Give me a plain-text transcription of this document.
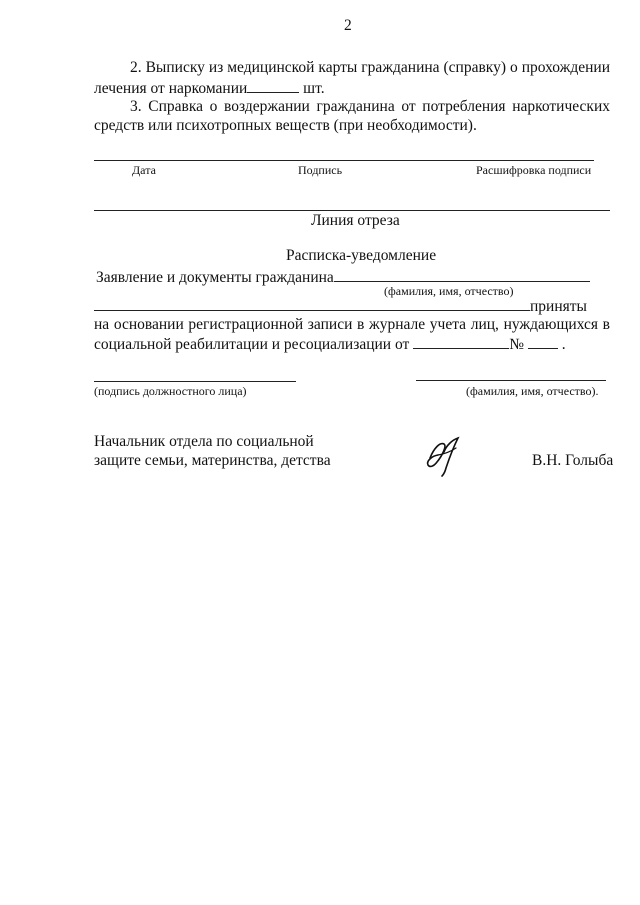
2
2. Выписку из медицинской карты гражданина (справку) о прохождении
лечения от наркомании	шт.
3. Справка о воздержании гражданина от потребления наркотических
средств или психотропных веществ (при необходимости).
Дата	Подпись	Расшифровка подписи
Линия отреза
Расписка-уведомление
Заявление и документы гражданина
(фамилия, имя, отчество)
приняты
на основании регистрационной записи в журнале учета лиц, нуждающихся в
социальной реабилитации и ресоциализации от	№ .
(подпись должностного лица)	(фамилия, имя, отчество).
Начальник отдела по социальной
защите семьи, материнства, детства	В.Н. Голыба
